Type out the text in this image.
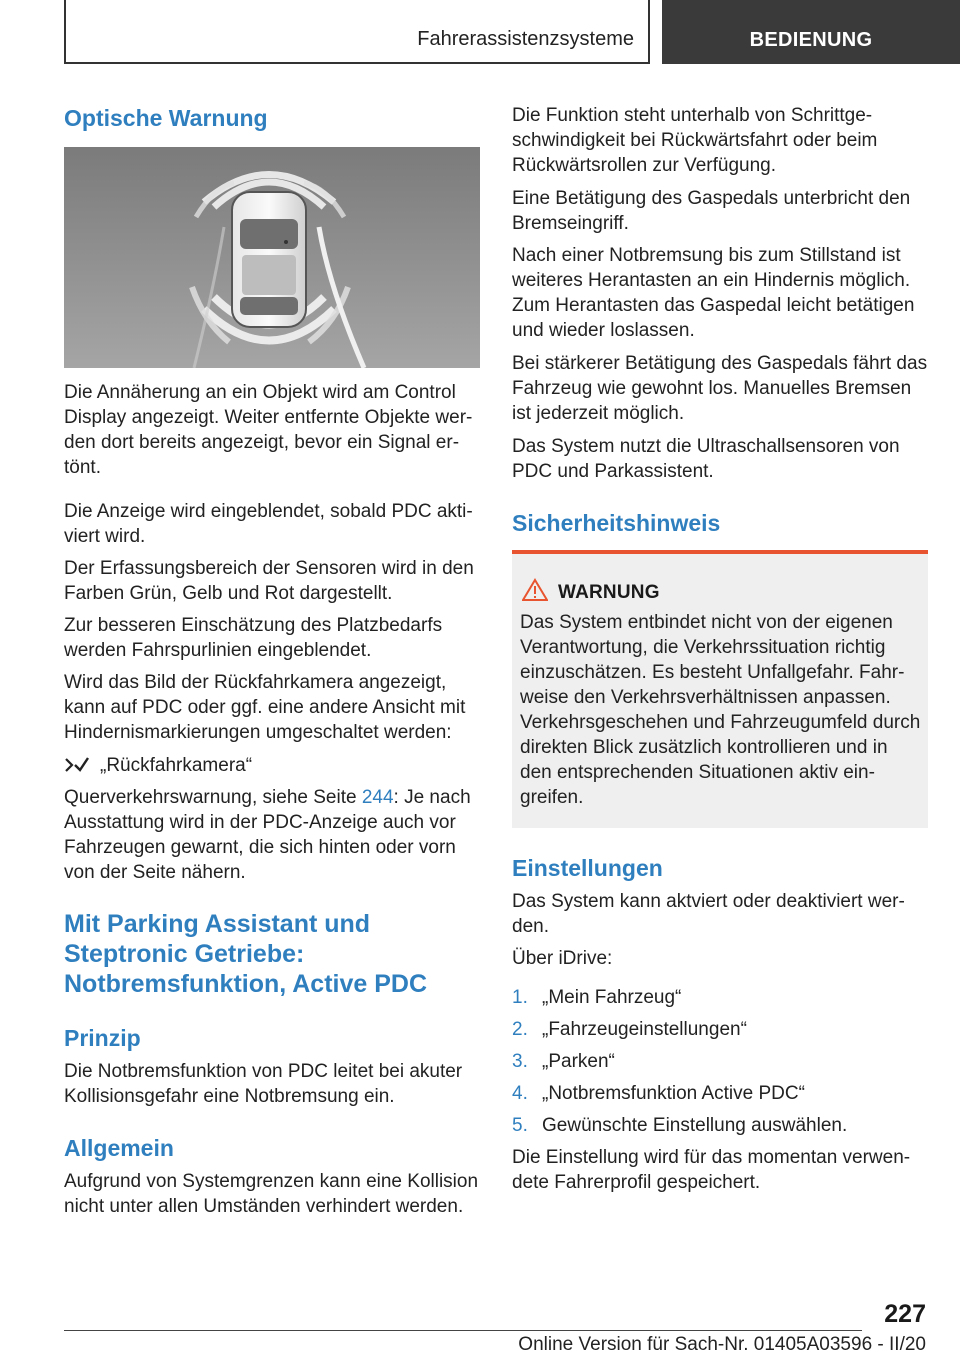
Fahrerassistenzsysteme	BEDIENUNG
Optische Warnung

Die Annäherung an ein Objekt wird am Control Display angezeigt. Weiter entfernte Objekte wer‐ den dort bereits angezeigt, bevor ein Signal er‐ tönt.

Die Anzeige wird eingeblendet, sobald PDC akti‐ viert wird.

Der Erfassungsbereich der Sensoren wird in den Farben Grün, Gelb und Rot dargestellt.

Zur besseren Einschätzung des Platzbedarfs werden Fahrspurlinien eingeblendet.

Wird das Bild der Rückfahrkamera angezeigt, kann auf PDC oder ggf. eine andere Ansicht mit Hindernismarkierungen umgeschaltet werden:

„Rückfahrkamera“

Querverkehrswarnung, siehe Seite 244: Je nach Ausstattung wird in der PDC-Anzeige auch vor Fahrzeugen gewarnt, die sich hinten oder vorn von der Seite nähern.

Mit Parking Assistant und Steptronic Getriebe: Notbremsfunktion, Active PDC
Prinzip

Die Notbremsfunktion von PDC leitet bei akuter Kollisionsgefahr eine Notbremsung ein.

Allgemein

Aufgrund von Systemgrenzen kann eine Kollision nicht unter allen Umständen verhindert werden.

Die Funktion steht unterhalb von Schrittge‐ schwindigkeit bei Rückwärtsfahrt oder beim Rückwärtsrollen zur Verfügung.

Eine Betätigung des Gaspedals unterbricht den Bremseingriff.

Nach einer Notbremsung bis zum Stillstand ist weiteres Herantasten an ein Hindernis möglich. Zum Herantasten das Gaspedal leicht betätigen und wieder loslassen.

Bei stärkerer Betätigung des Gaspedals fährt das Fahrzeug wie gewohnt los. Manuelles Bremsen ist jederzeit möglich.

Das System nutzt die Ultraschallsensoren von PDC und Parkassistent.

Sicherheitshinweis
WARNUNG

Das System entbindet nicht von der eigenen Verantwortung, die Verkehrssituation richtig einzuschätzen. Es besteht Unfallgefahr. Fahr‐ weise den Verkehrsverhältnissen anpassen. Verkehrsgeschehen und Fahrzeugumfeld durch direkten Blick zusätzlich kontrollieren und in den entsprechenden Situationen aktiv ein‐ greifen.

Einstellungen

Das System kann aktviert oder deaktiviert wer‐ den.

Über iDrive:

1. „Mein Fahrzeug“
2. „Fahrzeugeinstellungen“
3. „Parken“
4. „Notbremsfunktion Active PDC“
5. Gewünschte Einstellung auswählen.

Die Einstellung wird für das momentan verwen‐ dete Fahrerprofil gespeichert.

227
Online Version für Sach-Nr. 01405A03596 - II/20
